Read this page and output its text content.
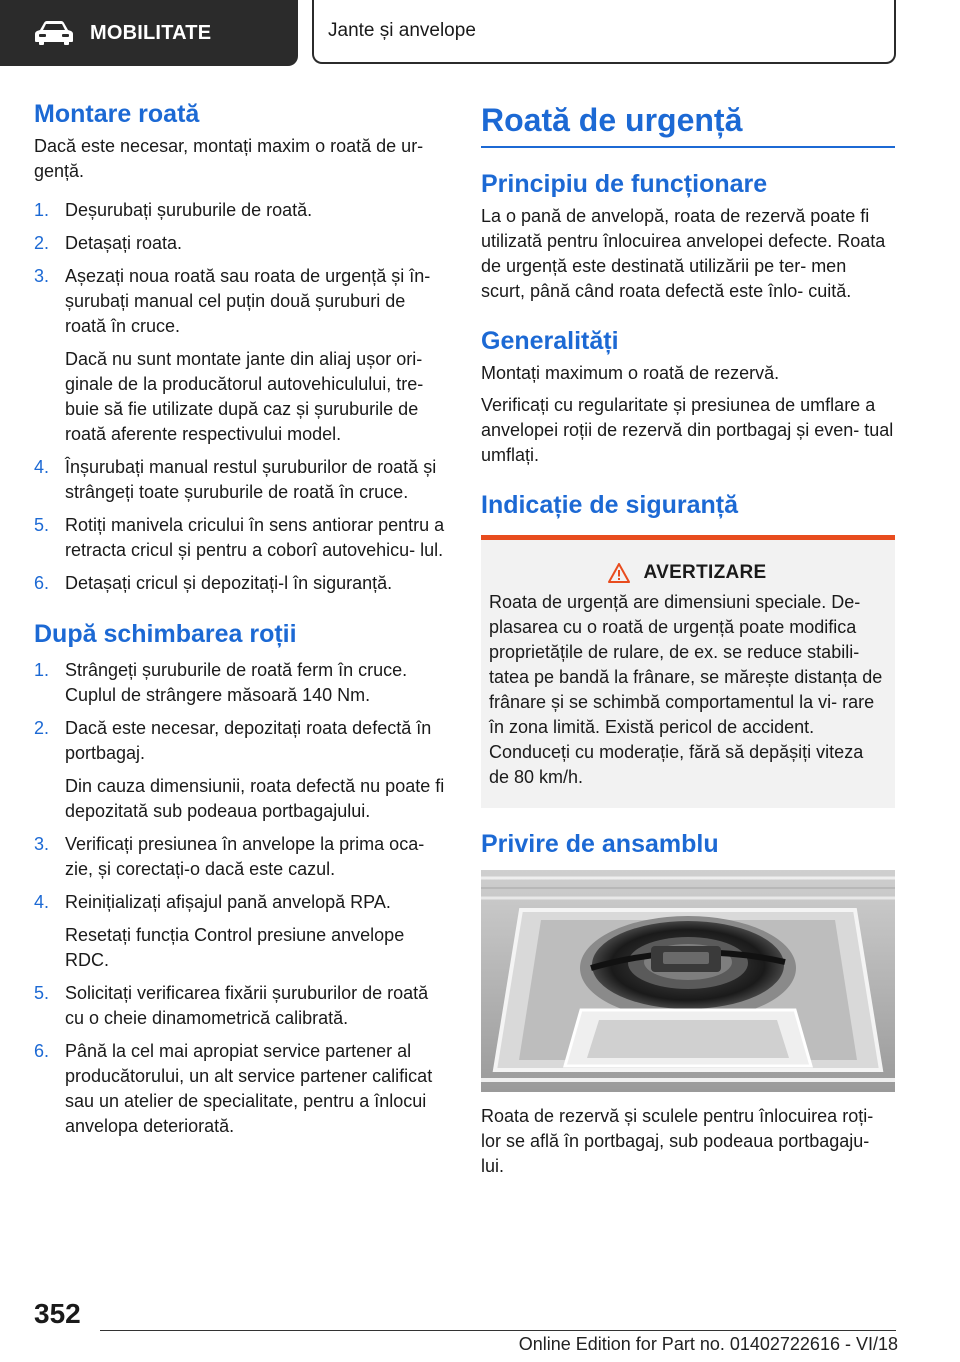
MOBILITATE	Jante și anvelope
Montare roată

Dacă este necesar, montați maxim o roată de ur‐ gență.

1. Deșurubați șuruburile de roată.
2. Detașați roata.
3. Așezați noua roată sau roata de urgență și în‐ șurubați manual cel puțin două șuruburi de roată în cruce.
Dacă nu sunt montate jante din aliaj ușor ori‐ ginale de la producătorul autovehiculului, tre‐ buie să fie utilizate după caz și șuruburile de roată aferente respectivului model.
4. Înșurubați manual restul șuruburilor de roată și strângeți toate șuruburile de roată în cruce.
5. Rotiți manivela cricului în sens antiorar pentru a retracta cricul și pentru a coborî autovehicu‐ lul.
6. Detașați cricul și depozitați-l în siguranță.
După schimbarea roții
1. Strângeți șuruburile de roată ferm în cruce. Cuplul de strângere măsoară 140 Nm.
2. Dacă este necesar, depozitați roata defectă în portbagaj.
Din cauza dimensiunii, roata defectă nu poate fi depozitată sub podeaua portbagajului.
3. Verificați presiunea în anvelope la prima oca‐ zie, și corectați-o dacă este cazul.
4. Reinițializați afișajul pană anvelopă RPA.
Resetați funcția Control presiune anvelope RDC.
5. Solicitați verificarea fixării șuruburilor de roată cu o cheie dinamometrică calibrată.
6. Până la cel mai apropiat service partener al producătorului, un alt service partener calificat sau un atelier de specialitate, pentru a înlocui anvelopa deteriorată.
Roată de urgență
Principiu de funcționare

La o pană de anvelopă, roata de rezervă poate fi utilizată pentru înlocuirea anvelopei defecte. Roata de urgență este destinată utilizării pe ter‐ men scurt, până când roata defectă este înlo‐ cuită.

Generalități

Montați maximum o roată de rezervă.

Verificați cu regularitate și presiunea de umflare a anvelopei roții de rezervă din portbagaj și even‐ tual umflați.

Indicație de siguranță
AVERTIZARE

Roata de urgență are dimensiuni speciale. De‐ plasarea cu o roată de urgență poate modifica proprietățile de rulare, de ex. se reduce stabili‐ tatea pe bandă la frânare, se mărește distanța de frânare și se schimbă comportamentul la vi‐ rare în zona limită. Există pericol de accident. Conduceți cu moderație, fără să depășiți viteza de 80 km/h.

Privire de ansamblu

Roata de rezervă și sculele pentru înlocuirea roți‐ lor se află în portbagaj, sub podeaua portbagaju‐ lui.

352
Online Edition for Part no. 01402722616 - VI/18
